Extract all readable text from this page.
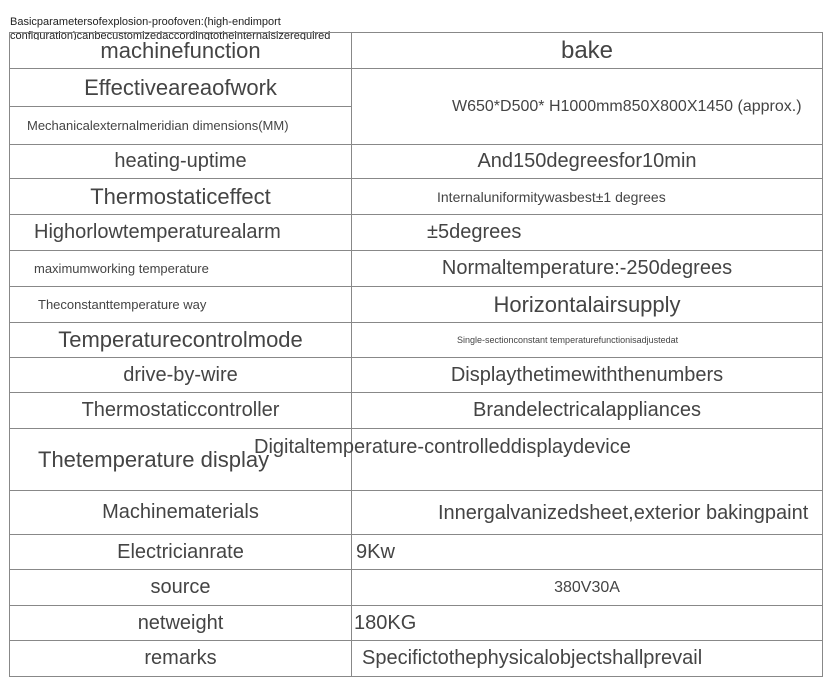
Basicparametersofexplosion-proofoven:(high-endimport configuration)canbecustomizedaccordingtotheinternalsizerequired
machinefunction	bake
Effectiveareaofwork	W650*D500* H1000mm850X800X1450 (approx.)
Mechanicalexternalmeridian dimensions(MM)
heating-uptime	And150degreesfor10min
Thermostaticeffect	Internaluniformitywasbest±1 degrees
Highorlowtemperaturealarm	±5degrees
maximumworking temperature	Normaltemperature:-250degrees
Theconstanttemperature way	Horizontalairsupply
Temperaturecontrolmode	Single-sectionconstant temperaturefunctionisadjustedat
drive-by-wire	Displaythetimewiththenumbers
Thermostaticcontroller	Brandelectricalappliances
Thetemperature display	Digitaltemperature-controlleddisplaydevice
Machinematerials	Innergalvanizedsheet,exterior bakingpaint
Electricianrate	9Kw
source	380V30A
netweight	180KG
remarks	Specifictothephysicalobjectshallprevail
